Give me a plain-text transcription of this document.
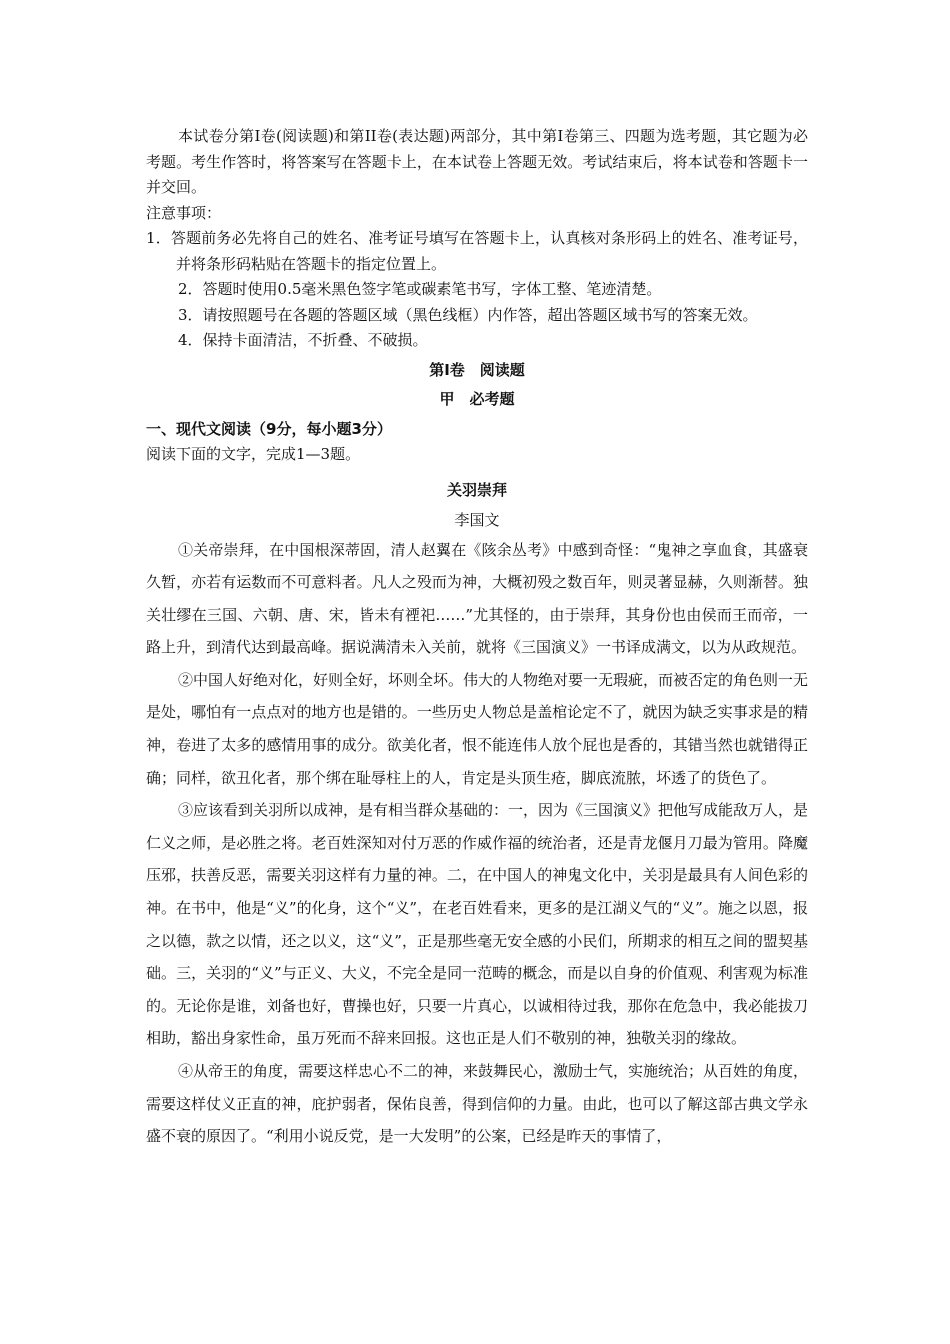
本试卷分第Ⅰ卷(阅读题)和第II卷(表达题)两部分，其中第Ⅰ卷第三、四题为选考题，其它题为必考题。考生作答时，将答案写在答题卡上，在本试卷上答题无效。考试结束后，将本试卷和答题卡一并交回。

注意事项：

1．答题前务必先将自己的姓名、准考证号填写在答题卡上，认真核对条形码上的姓名、准考证号，并将条形码粘贴在答题卡的指定位置上。

2．答题时使用0.5毫米黑色签字笔或碳素笔书写，字体工整、笔迹清楚。

3．请按照题号在各题的答题区域（黑色线框）内作答，超出答题区域书写的答案无效。

4．保持卡面清洁，不折叠、不破损。

第Ⅰ卷　阅读题

甲　必考题

一、现代文阅读（9分，每小题3分）

阅读下面的文字，完成1—3题。

关羽崇拜

李国文

①关帝崇拜，在中国根深蒂固，清人赵翼在《陔余丛考》中感到奇怪：“鬼神之享血食，其盛衰久暂，亦若有运数而不可意料者。凡人之殁而为神，大概初殁之数百年，则灵著显赫，久则渐替。独关壮缪在三国、六朝、唐、宋，皆未有禋祀……”尤其怪的，由于崇拜，其身份也由侯而王而帝，一路上升，到清代达到最高峰。据说满清未入关前，就将《三国演义》一书译成满文，以为从政规范。

②中国人好绝对化，好则全好，坏则全坏。伟大的人物绝对要一无瑕疵，而被否定的角色则一无是处，哪怕有一点点对的地方也是错的。一些历史人物总是盖棺论定不了，就因为缺乏实事求是的精神，卷进了太多的感情用事的成分。欲美化者，恨不能连伟人放个屁也是香的，其错当然也就错得正确；同样，欲丑化者，那个绑在耻辱柱上的人，肯定是头顶生疮，脚底流脓，坏透了的货色了。

③应该看到关羽所以成神，是有相当群众基础的：一，因为《三国演义》把他写成能敌万人，是仁义之师，是必胜之将。老百姓深知对付万恶的作威作福的统治者，还是青龙偃月刀最为管用。降魔压邪，扶善反恶，需要关羽这样有力量的神。二，在中国人的神鬼文化中，关羽是最具有人间色彩的神。在书中，他是“义”的化身，这个“义”，在老百姓看来，更多的是江湖义气的“义”。施之以恩，报之以德，款之以情，还之以义，这“义”，正是那些毫无安全感的小民们，所期求的相互之间的盟契基础。三，关羽的“义”与正义、大义，不完全是同一范畴的概念，而是以自身的价值观、利害观为标准的。无论你是谁，刘备也好，曹操也好，只要一片真心，以诚相待过我，那你在危急中，我必能拔刀相助，豁出身家性命，虽万死而不辞来回报。这也正是人们不敬别的神，独敬关羽的缘故。

④从帝王的角度，需要这样忠心不二的神，来鼓舞民心，激励士气，实施统治；从百姓的角度，需要这样仗义正直的神，庇护弱者，保佑良善，得到信仰的力量。由此，也可以了解这部古典文学永盛不衰的原因了。“利用小说反党，是一大发明”的公案，已经是昨天的事情了，
